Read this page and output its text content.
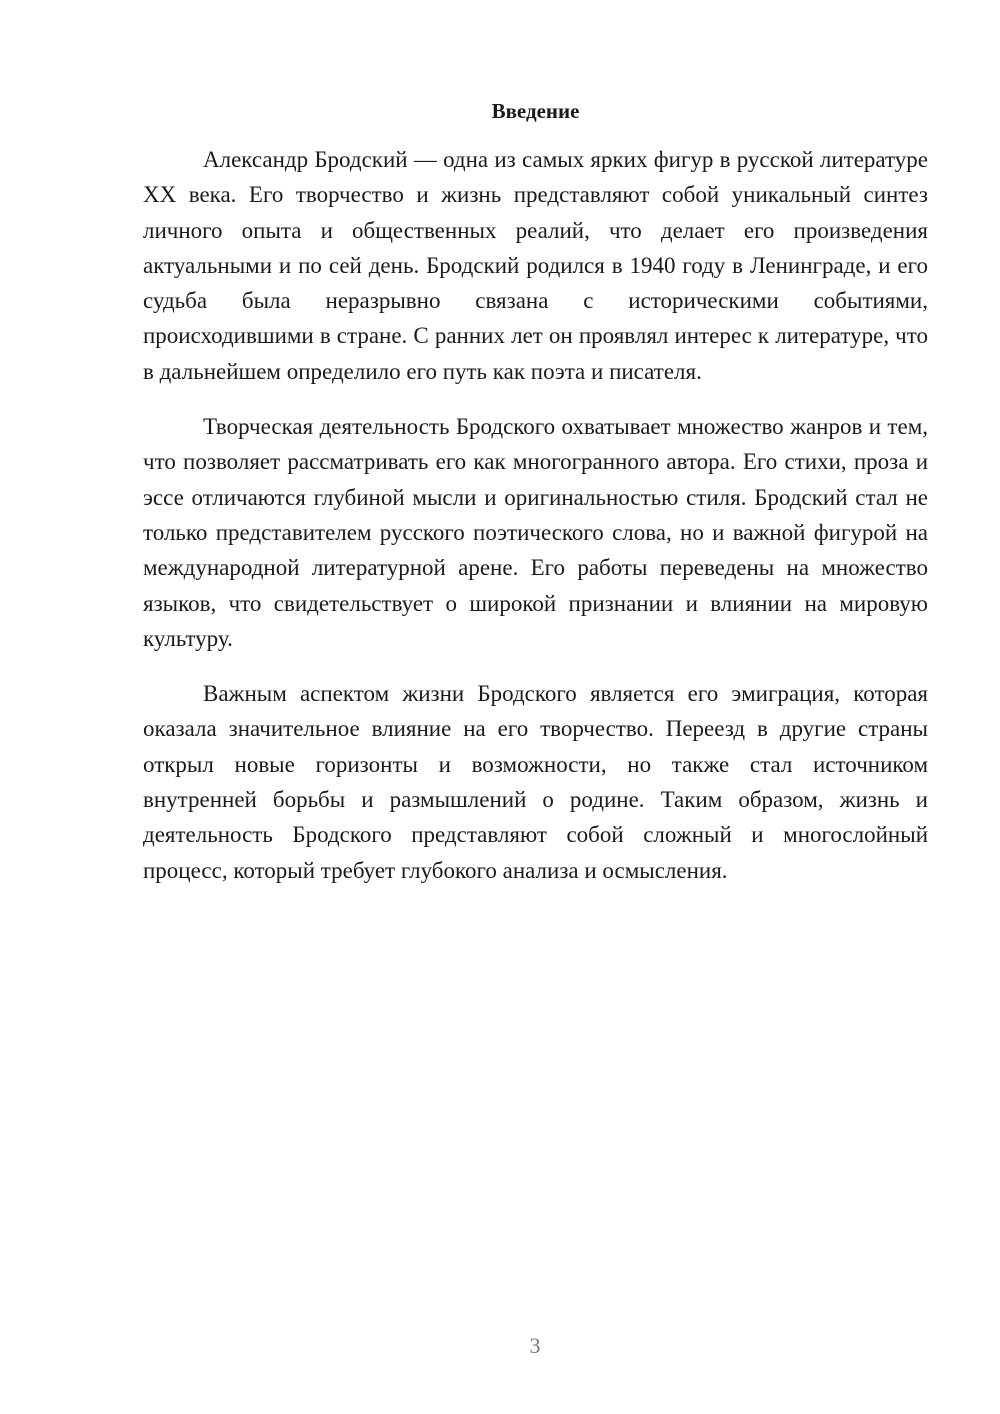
Введение

Александр Бродский — одна из самых ярких фигур в русской литературе XX века. Его творчество и жизнь представляют собой уникальный синтез личного опыта и общественных реалий, что делает его произведения актуальными и по сей день. Бродский родился в 1940 году в Ленинграде, и его судьба была неразрывно связана с историческими событиями, происходившими в стране. С ранних лет он проявлял интерес к литературе, что в дальнейшем определило его путь как поэта и писателя.

Творческая деятельность Бродского охватывает множество жанров и тем, что позволяет рассматривать его как многогранного автора. Его стихи, проза и эссе отличаются глубиной мысли и оригинальностью стиля. Бродский стал не только представителем русского поэтического слова, но и важной фигурой на международной литературной арене. Его работы переведены на множество языков, что свидетельствует о широкой признании и влиянии на мировую культуру.

Важным аспектом жизни Бродского является его эмиграция, которая оказала значительное влияние на его творчество. Переезд в другие страны открыл новые горизонты и возможности, но также стал источником внутренней борьбы и размышлений о родине. Таким образом, жизнь и деятельность Бродского представляют собой сложный и многослойный процесс, который требует глубокого анализа и осмысления.

3
